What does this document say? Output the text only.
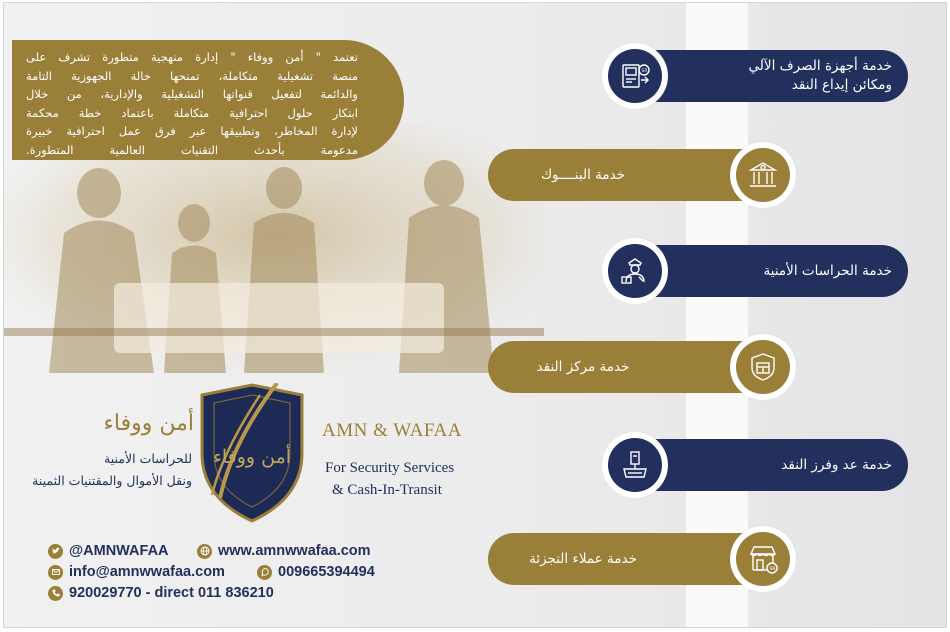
تعتمد " أمن ووفاء " إدارة منهجية متطورة تشرف على
منصة تشغيلية متكاملة، تمنحها خالة الجهوزية التامة
والدائمة لتفعيل قنواتها التشغيلية والإدارية، من خلال
ابتكار حلول احترافية متكاملة باعتماد خطة محكمة
لإدارة المخاطر، وتطبيقها عبر فرق عمل احترافية خبيرة
مدعومة بأحدث التقنيات العالمية المتطورة.
SR	خدمة أجهزة الصرف الآلي
ومكائن إيداع النقد
خدمة البنــــوك
خدمة الحراسات الأمنية
خدمة مركز النقد
خدمة عد وفرز النقد
خدمة عملاء التجزئة
SR
أمن ووفاء
أمن ووفاء
للحراسات الأمنية
ونقل الأموال والمقتنيات الثمينة
AMN & WAFAA
For Security Services
& Cash-In-Transit
@AMNWAFAA	www.amnwwafaa.com
info@amnwwafaa.com	009665394494
920029770 - direct 011 836210
